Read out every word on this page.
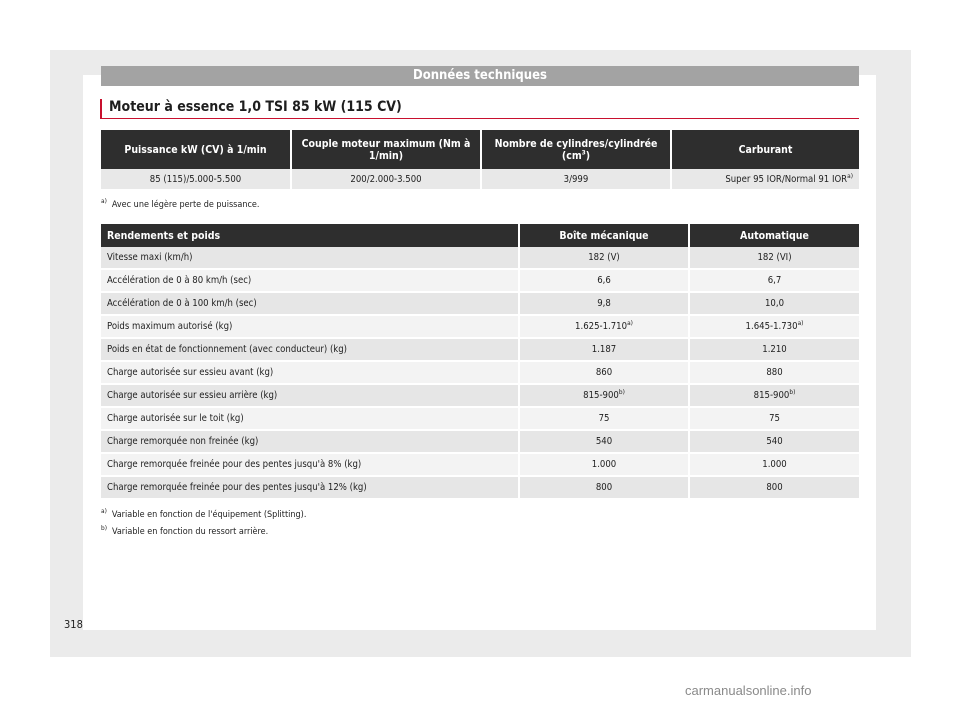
Données techniques
Moteur à essence 1,0 TSI 85 kW (115 CV)
Puissance kW (CV) à 1/min	Couple moteur maximum (Nm à 1/min)	Nombre de cylindres/cylindrée $(cm^3)$	Carburant
85 (115)/5.000-5.500	200/2.000-3.500	3/999	Super 95 IOR/Normal 91 IOR$^{a)}$
$^{a)}$ Avec une légère perte de puissance.
Rendements et poids	Boîte mécanique	Automatique
Vitesse maxi (km/h)	182 (V)	182 (VI)
Accélération de 0 à 80 km/h (sec)	6,6	6,7
Accélération de 0 à 100 km/h (sec)	9,8	10,0
Poids maximum autorisé (kg)	1.625-1.710$^{a)}$	1.645-1.730$^{a)}$
Poids en état de fonctionnement (avec conducteur) (kg)	1.187	1.210
Charge autorisée sur essieu avant (kg)	860	880
Charge autorisée sur essieu arrière (kg)	815-900$^{b)}$	815-900$^{b)}$
Charge autorisée sur le toit (kg)	75	75
Charge remorquée non freinée (kg)	540	540
Charge remorquée freinée pour des pentes jusqu'à 8% (kg)	1.000	1.000
Charge remorquée freinée pour des pentes jusqu'à 12% (kg)	800	800
$^{a)}$ Variable en fonction de l'équipement (Splitting).
$^{b)}$ Variable en fonction du ressort arrière.
318
carmanualsonline.info
